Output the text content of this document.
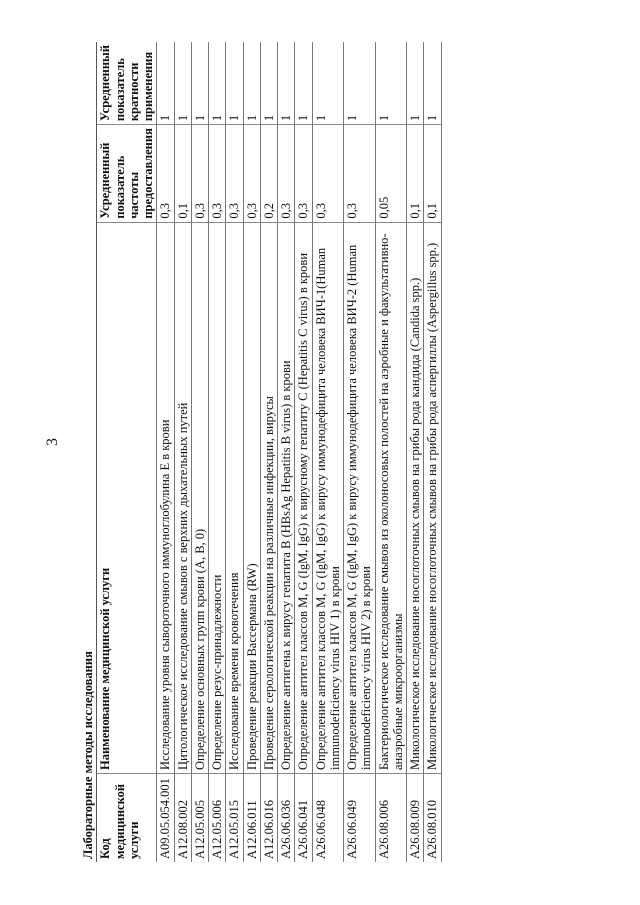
3
Лабораторные методы исследования			
Код медицинской услуги	Наименование медицинской услуги	Усредненный показатель частоты предоставления	Усредненный показатель кратности применения
A09.05.054.001	Исследование уровня сывороточного иммуноглобулина E в крови	0,3	1
A12.08.002	Цитологическое исследование смывов с верхних дыхательных путей	0,1	1
A12.05.005	Определение основных групп крови (A, B, 0)	0,3	1
A12.05.006	Определение резус-принадлежности	0,3	1
A12.05.015	Исследование времени кровотечения	0,3	1
A12.06.011	Проведение реакции Вассермана (RW)	0,3	1
A12.06.016	Проведение серологической реакции на различные инфекции, вирусы	0,2	1
A26.06.036	Определение антигена к вирусу гепатита B (HBsAg Hepatitis B virus) в крови	0,3	1
A26.06.041	Определение антител классов M, G (IgM, IgG) к вирусному гепатиту C (Hepatitis C virus) в крови	0,3	1
A26.06.048	Определение антител классов M, G (IgM, IgG) к вирусу иммунодефицита человека ВИЧ-1(Human immunodeficiency virus HIV 1) в крови	0,3	1
A26.06.049	Определение антител классов M, G (IgM, IgG) к вирусу иммунодефицита человека ВИЧ-2 (Human immunodeficiency virus HIV 2) в крови	0,3	1
A26.08.006	Бактериологическое исследование смывов из околоносовых полостей на аэробные и факультативно-анаэробные микроорганизмы	0,05	1
A26.08.009	Микологическое исследование носоглоточных смывов на грибы рода кандида (Candida spp.)	0,1	1
A26.08.010	Микологическое исследование носоглоточных смывов на грибы рода аспергиллы (Aspergillus spp.)	0,1	1
